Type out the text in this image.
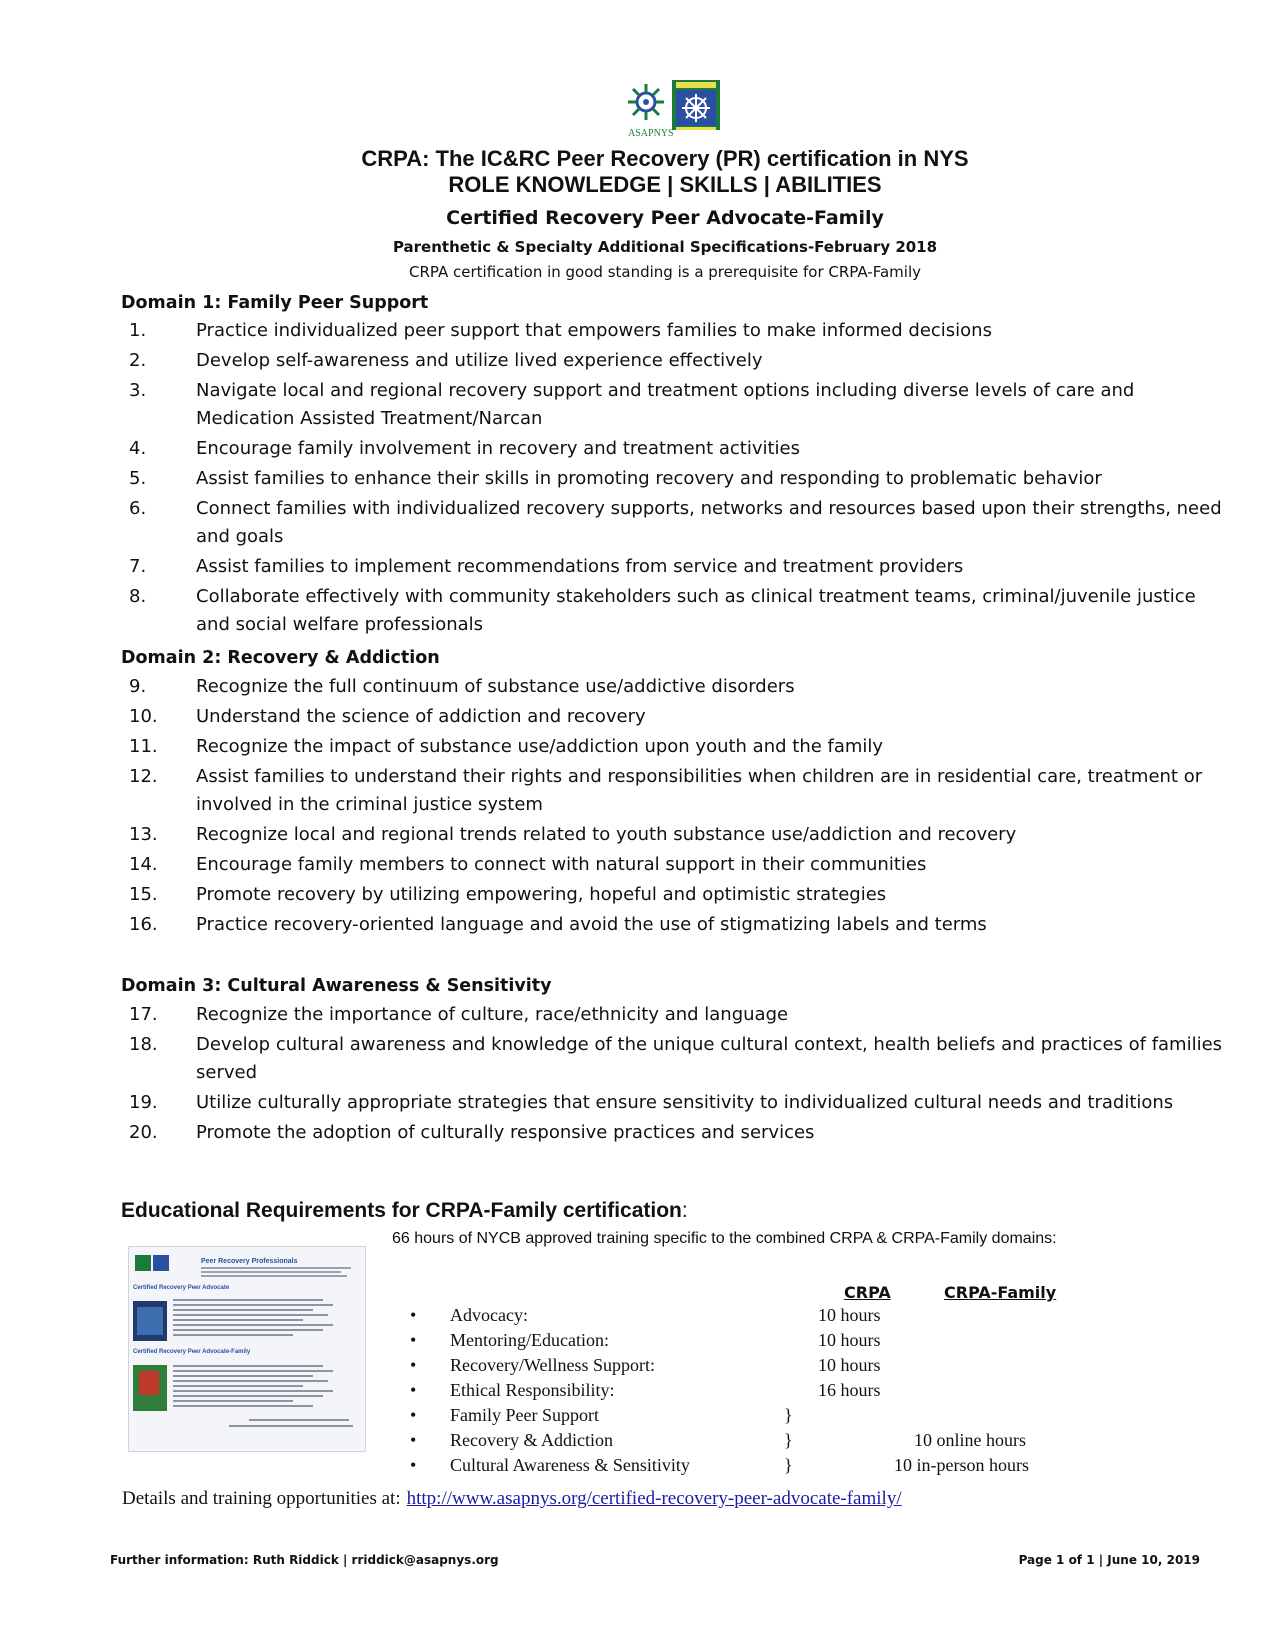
ASAPNYS
CRPA: The IC&RC Peer Recovery (PR) certification in NYS
ROLE KNOWLEDGE | SKILLS | ABILITIES
Certified Recovery Peer Advocate-Family
Parenthetic & Specialty Additional Specifications-February 2018
CRPA certification in good standing is a prerequisite for CRPA-Family
Domain 1: Family Peer Support
1.	Practice individualized peer support that empowers families to make informed decisions
2.	Develop self-awareness and utilize lived experience effectively
3.	Navigate local and regional recovery support and treatment options including diverse levels of care and Medication Assisted Treatment/Narcan
4.	Encourage family involvement in recovery and treatment activities
5.	Assist families to enhance their skills in promoting recovery and responding to problematic behavior
6.	Connect families with individualized recovery supports, networks and resources based upon their strengths, need and goals
7.	Assist families to implement recommendations from service and treatment providers
8.	Collaborate effectively with community stakeholders such as clinical treatment teams, criminal/juvenile justice and social welfare professionals
Domain 2: Recovery & Addiction
9.	Recognize the full continuum of substance use/addictive disorders
10. Understand the science of addiction and recovery
11. Recognize the impact of substance use/addiction upon youth and the family
12. Assist families to understand their rights and responsibilities when children are in residential care, treatment or involved in the criminal justice system
13. Recognize local and regional trends related to youth substance use/addiction and recovery
14. Encourage family members to connect with natural support in their communities
15. Promote recovery by utilizing empowering, hopeful and optimistic strategies
16. Practice recovery-oriented language and avoid the use of stigmatizing labels and terms
Domain 3: Cultural Awareness & Sensitivity
17. Recognize the importance of culture, race/ethnicity and language
18. Develop cultural awareness and knowledge of the unique cultural context, health beliefs and practices of families served
19. Utilize culturally appropriate strategies that ensure sensitivity to individualized cultural needs and traditions
20. Promote the adoption of culturally responsive practices and services
Educational Requirements for CRPA-Family certification:
66 hours of NYCB approved training specific to the combined CRPA & CRPA-Family domains:
Peer Recovery Professionals
Certified Recovery Peer Advocate
Certified Recovery Peer Advocate-Family
CRPA	CRPA-Family
• Advocacy:	10 hours
• Mentoring/Education:	10 hours
• Recovery/Wellness Support:	10 hours
• Ethical Responsibility:	16 hours
• Family Peer Support	}
• Recovery & Addiction	}	10 online hours
• Cultural Awareness & Sensitivity	}	10 in-person hours
Details and training opportunities at: http://www.asapnys.org/certified-recovery-peer-advocate-family/
Further information: Ruth Riddick | rriddick@asapnys.org	Page 1 of 1 | June 10, 2019
